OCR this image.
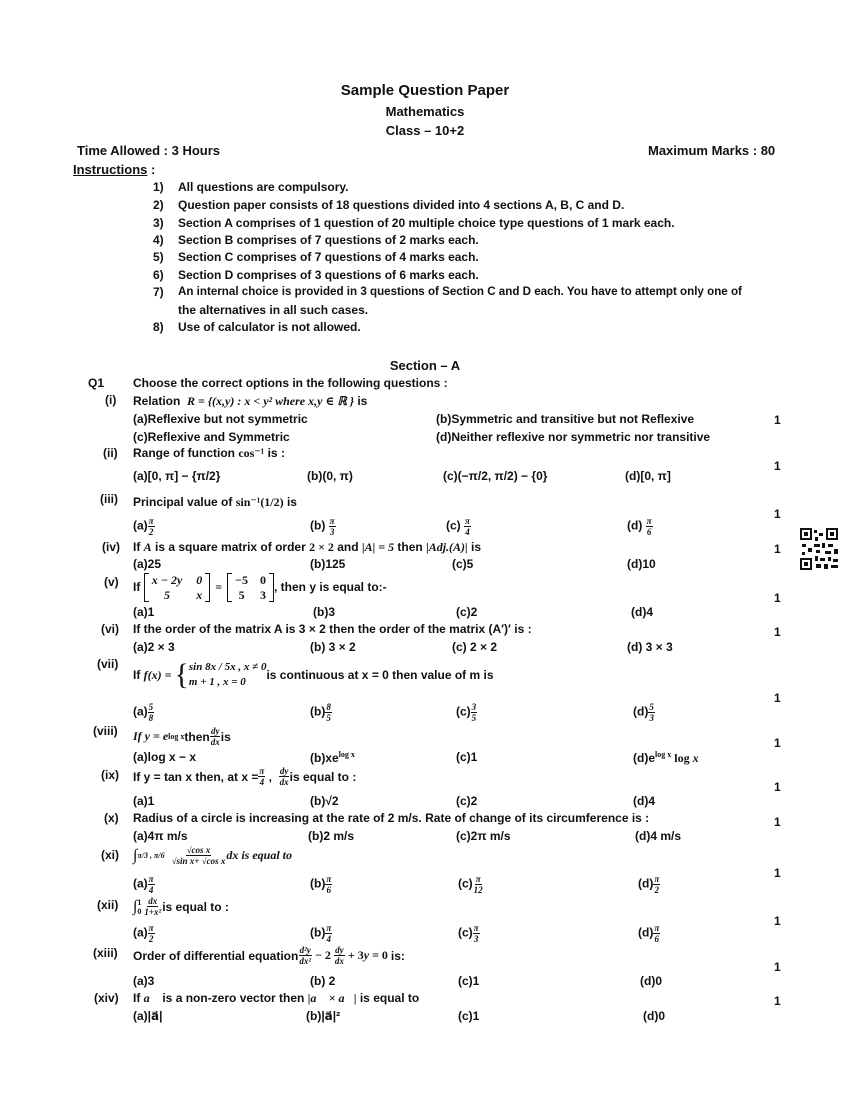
Sample Question Paper
Mathematics
Class – 10+2
Time Allowed : 3 Hours	Maximum Marks : 80
Instructions :
1) All questions are compulsory.
2) Question paper consists of 18 questions divided into 4 sections A, B, C and D.
3) Section A comprises of 1 question of 20 multiple choice type questions of 1 mark each.
4) Section B comprises of 7 questions of 2 marks each.
5) Section C comprises of 7 questions of 4 marks each.
6) Section D comprises of 3 questions of 6 marks each.
7) An internal choice is provided in 3 questions of Section C and D each. You have to attempt only one of
the alternatives in all such cases.
8) Use of calculator is not allowed.
Section – A
Q1 Choose the correct options in the following questions :
(i) Relation R = {(x,y) : x < y² where x,y ∈ ℝ } is
(a)Reflexive but not symmetric	(b)Symmetric and transitive but not Reflexive
(c)Reflexive and Symmetric	(d)Neither reflexive nor symmetric nor transitive
1
(ii) Range of function cos⁻¹ is :
(a)[0, π] − {π/2}	(b)(0, π)	(c)(−π/2, π/2) − {0}	(d)[0, π]
1
(iii) Principal value of sin⁻¹(1/2) is
$(a) \frac{\pi}{2}$	$(b) \frac{\pi}{3}$	$(c) \frac{\pi}{4}$	$(d) \frac{\pi}{6}$
1
(iv) If A is a square matrix of order 2 × 2 and |A| = 5 then |Adj.(A)| is
(a)25	(b)125	(c)5	(d)10
1
(v) If

x − 2y 0
5	x
= −5 0
5 3
, then y is equal to:-
(a)1	(b)3	(c)2	(d)4
1
(vi) If the order of the matrix A is 3 × 2 then the order of the matrix (A′)′ is :
(a)2 × 3	(b) 3 × 2	(c) 2 × 2	(d) 3 × 3
1
(vii)
If f(x) = { sin 8x / 5x , x ≠ 0
m + 1 , x = 0	is continuous at x = 0 then value of m is
$(a) \frac{5}{8}$	$(b) \frac{8}{5}$	$(c) \frac{3}{5}$	$(d) \frac{5}{3}$
1
(viii) If y = e log x then $\frac{dy}{dx}$ is
(a)log x − x	$(b)xe^{log x}$	(c)1	$(d)e^{log x}$ log x
1
(ix) If y = tan x then, at $x = \frac{\pi}{4}$ , $\frac{dy}{dx}$ is equal to :
(a)1	(b)√2	(c)2	(d)4
1
(x) Radius of a circle is increasing at the rate of 2 m/s. Rate of change of its circumference is :
(a)4π m/s	(b)2 m/s	(c)2π m/s	(d)4 m/s
1
(xi) ∫ π/3 , $\pi/6 \frac{\text{√cos x}}{\text{√sin x+ √cos x}}$ dx is equal to
$(a) \frac{\pi}{4}$	$(b) \frac{\pi}{6}$	$(c) \frac{\pi}{12}$	$(d) \frac{\pi}{2}$
1
(xii) ∫ 1
$0 \frac{dx}{\text{1+x²}}$ is equal to :
$(a) \frac{\pi}{2}$	$(b) \frac{\pi}{4}$	$(c) \frac{\pi}{3}$	$(d) \frac{\pi}{6}$
1
(xiii) Order of differential equation $\frac{\text{d²y}}{\text{dx²}} - 2 \frac{dy}{dx} + 3$ y = 0 is:
(a)3	(b) 2	(c)1	(d)0
1
(xiv) If a⃗ is a non-zero vector then |a⃗ × a⃗| is equal to
(a)|a⃗|	(b)|a⃗|²	(c)1	(d)0
1
